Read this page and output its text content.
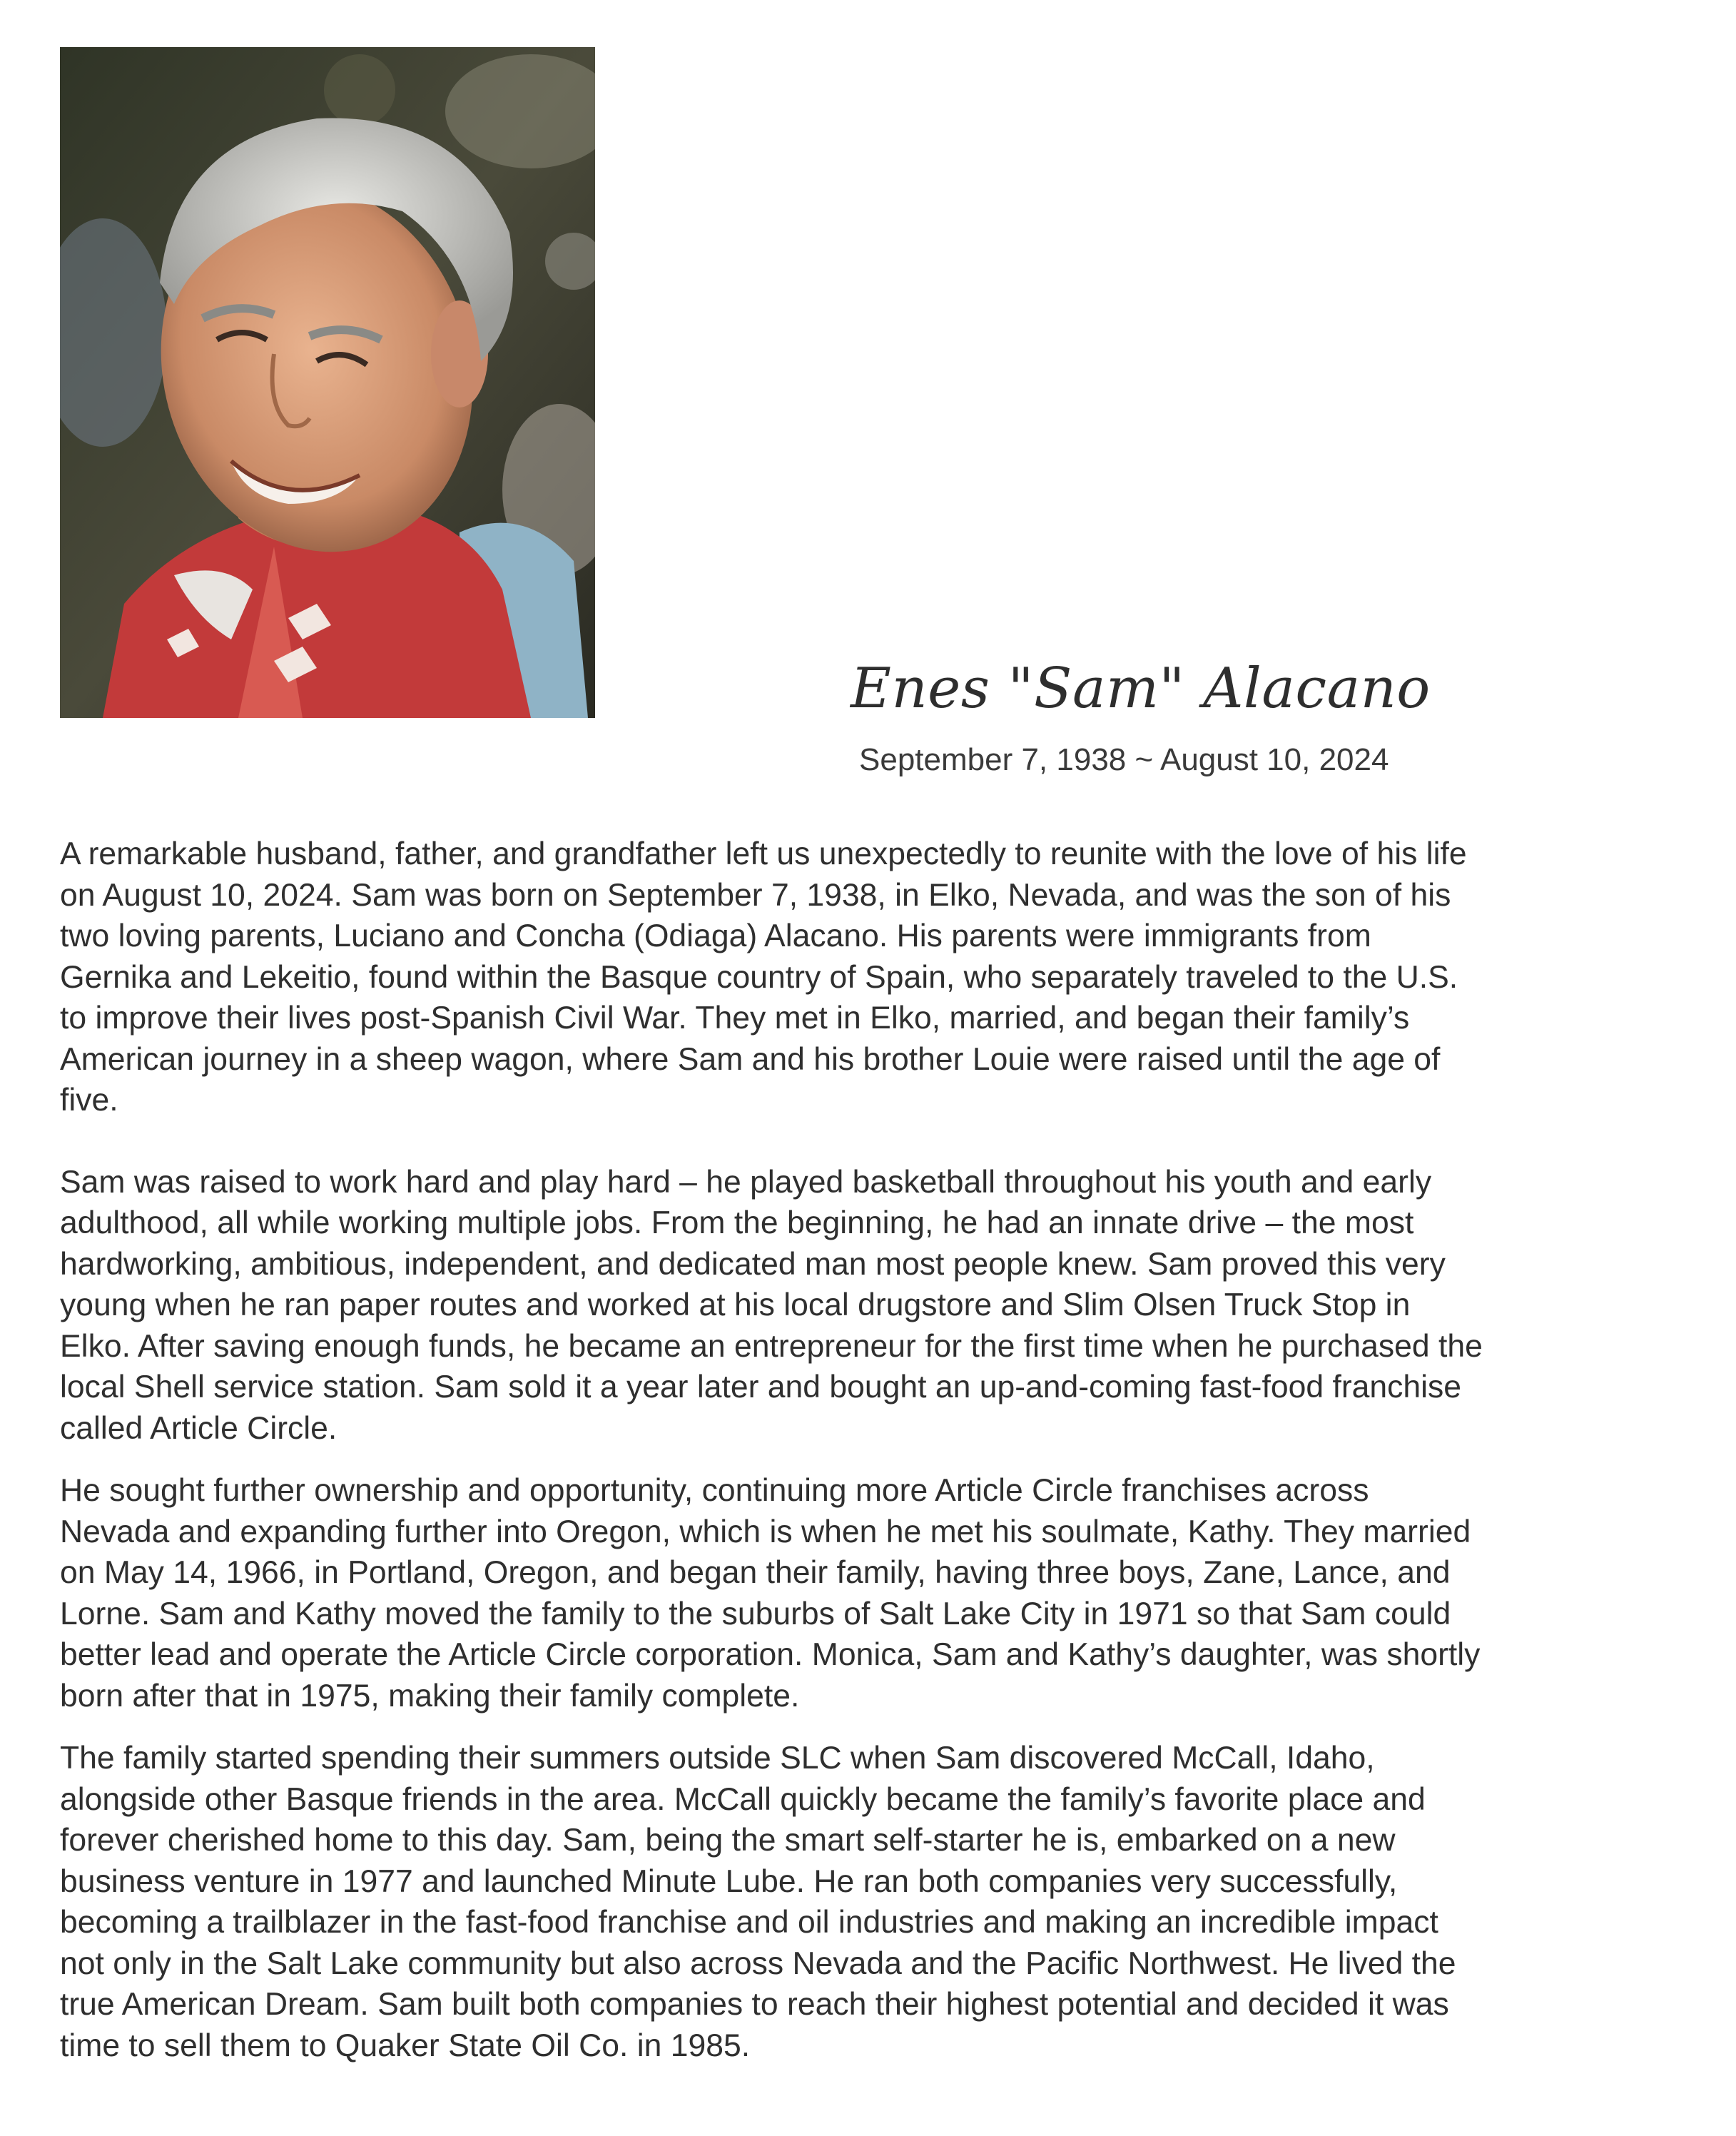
Enes "Sam" Alacano
September 7, 1938 ~ August 10, 2024

A remarkable husband, father, and grandfather left us unexpectedly to reunite with the love of his life
on August 10, 2024. Sam was born on September 7, 1938, in Elko, Nevada, and was the son of his
two loving parents, Luciano and Concha (Odiaga) Alacano. His parents were immigrants from
Gernika and Lekeitio, found within the Basque country of Spain, who separately traveled to the U.S.
to improve their lives post-Spanish Civil War. They met in Elko, married, and began their family’s
American journey in a sheep wagon, where Sam and his brother Louie were raised until the age of
five.

Sam was raised to work hard and play hard – he played basketball throughout his youth and early
adulthood, all while working multiple jobs. From the beginning, he had an innate drive – the most
hardworking, ambitious, independent, and dedicated man most people knew. Sam proved this very
young when he ran paper routes and worked at his local drugstore and Slim Olsen Truck Stop in
Elko. After saving enough funds, he became an entrepreneur for the first time when he purchased the
local Shell service station. Sam sold it a year later and bought an up-and-coming fast-food franchise
called Article Circle.

He sought further ownership and opportunity, continuing more Article Circle franchises across
Nevada and expanding further into Oregon, which is when he met his soulmate, Kathy. They married
on May 14, 1966, in Portland, Oregon, and began their family, having three boys, Zane, Lance, and
Lorne. Sam and Kathy moved the family to the suburbs of Salt Lake City in 1971 so that Sam could
better lead and operate the Article Circle corporation. Monica, Sam and Kathy’s daughter, was shortly
born after that in 1975, making their family complete.

The family started spending their summers outside SLC when Sam discovered McCall, Idaho,
alongside other Basque friends in the area. McCall quickly became the family’s favorite place and
forever cherished home to this day. Sam, being the smart self-starter he is, embarked on a new
business venture in 1977 and launched Minute Lube. He ran both companies very successfully,
becoming a trailblazer in the fast-food franchise and oil industries and making an incredible impact
not only in the Salt Lake community but also across Nevada and the Pacific Northwest. He lived the
true American Dream. Sam built both companies to reach their highest potential and decided it was
time to sell them to Quaker State Oil Co. in 1985.
